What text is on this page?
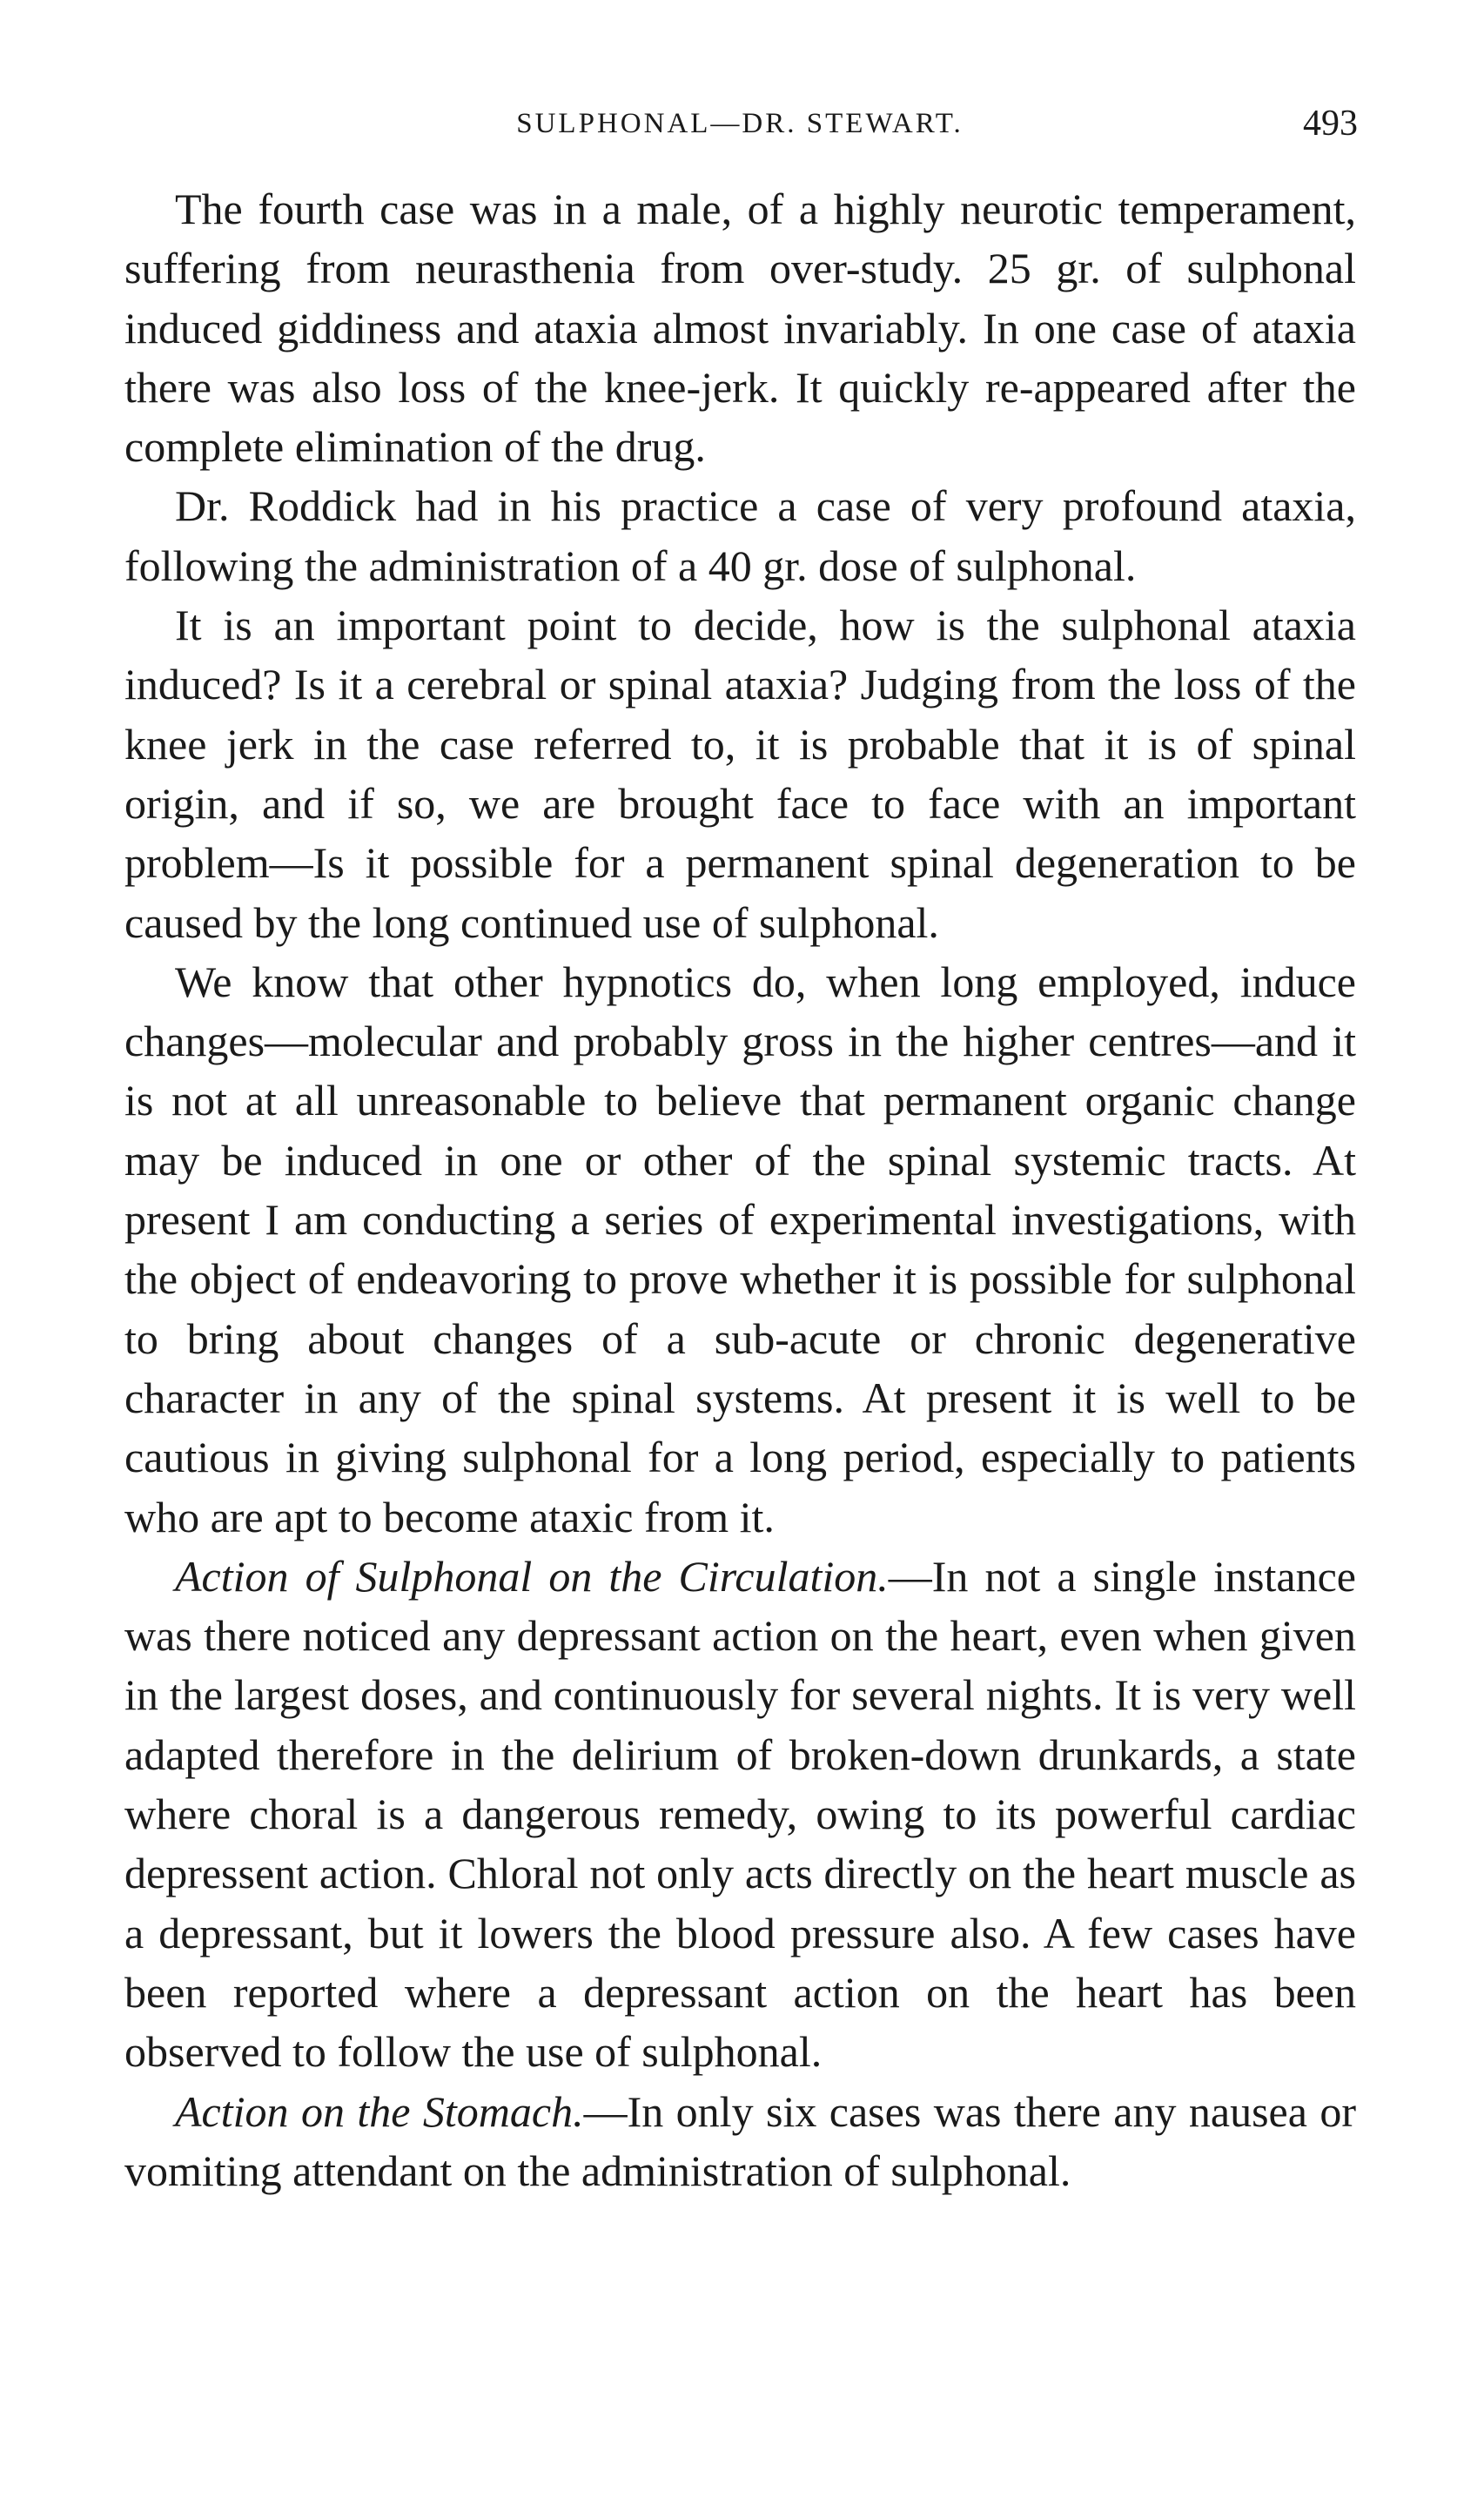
SULPHONAL—DR. STEWART.	493

The fourth case was in a male, of a highly neurotic temperament, suffering from neurasthenia from over-study. 25 gr. of sulphonal induced giddiness and ataxia almost invariably. In one case of ataxia there was also loss of the knee-jerk. It quickly re-appeared after the complete elimination of the drug.

Dr. Roddick had in his practice a case of very profound ataxia, following the administration of a 40 gr. dose of sulphonal.

It is an important point to decide, how is the sulphonal ataxia induced? Is it a cerebral or spinal ataxia? Judging from the loss of the knee jerk in the case referred to, it is probable that it is of spinal origin, and if so, we are brought face to face with an important problem—Is it possible for a permanent spinal degeneration to be caused by the long continued use of sulphonal.

We know that other hypnotics do, when long employed, induce changes—molecular and probably gross in the higher centres—and it is not at all unreasonable to believe that permanent organic change may be induced in one or other of the spinal systemic tracts. At present I am conducting a series of experimental investigations, with the object of endeavoring to prove whether it is possible for sulphonal to bring about changes of a sub-acute or chronic degenerative character in any of the spinal systems. At present it is well to be cautious in giving sulphonal for a long period, especially to patients who are apt to become ataxic from it.

Action of Sulphonal on the Circulation.—In not a single instance was there noticed any depressant action on the heart, even when given in the largest doses, and continuously for several nights. It is very well adapted therefore in the delirium of broken-down drunkards, a state where choral is a dangerous remedy, owing to its powerful cardiac depressent action. Chloral not only acts directly on the heart muscle as a depressant, but it lowers the blood pressure also. A few cases have been reported where a depressant action on the heart has been observed to follow the use of sulphonal.

Action on the Stomach.—In only six cases was there any nausea or vomiting attendant on the administration of sulphonal.
